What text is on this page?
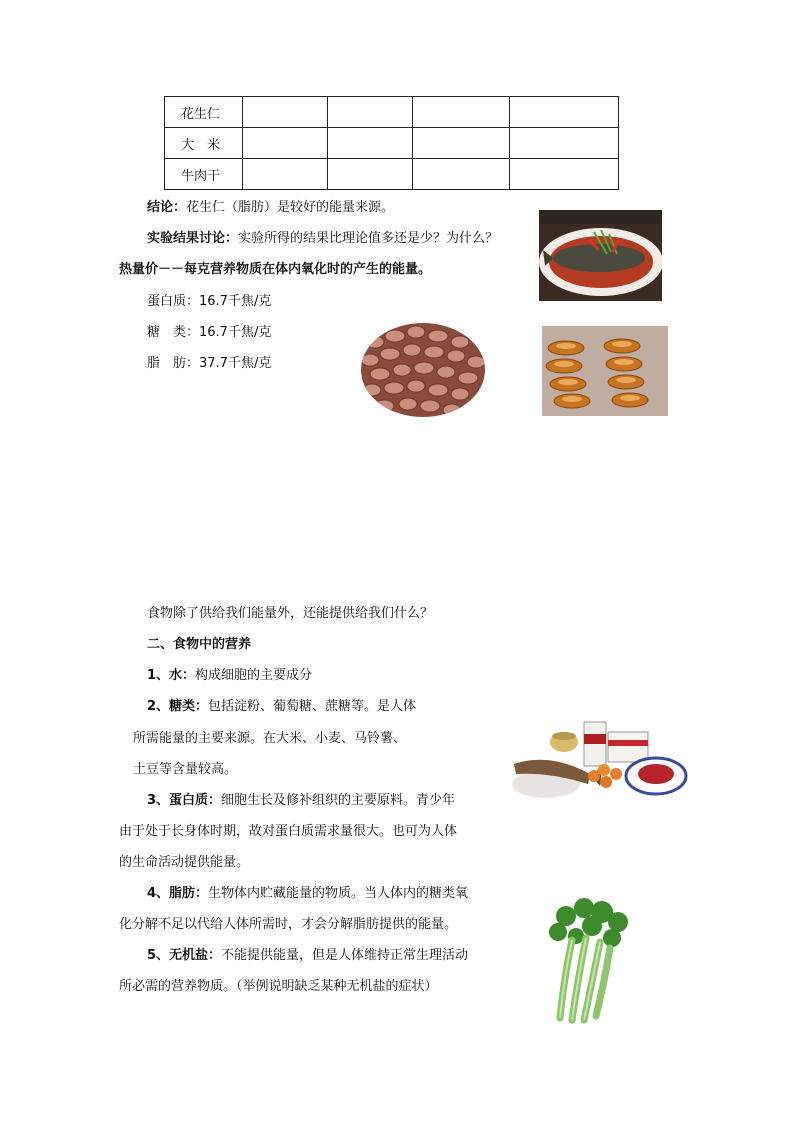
花生仁				
大　米				
牛肉干				
结论：花生仁（脂肪）是较好的能量来源。
实验结果讨论：实验所得的结果比理论值多还是少？为什么？
热量价－－每克营养物质在体内氧化时的产生的能量。
蛋白质：16.7千焦/克
糖　类：16.7千焦/克
脂　肪：37.7千焦/克
食物除了供给我们能量外，还能提供给我们什么？
二、食物中的营养
1、水：构成细胞的主要成分
2、糖类：包括淀粉、葡萄糖、蔗糖等。是人体
所需能量的主要来源。在大米、小麦、马铃薯、
土豆等含量较高。
3、蛋白质：细胞生长及修补组织的主要原料。青少年
由于处于长身体时期，故对蛋白质需求量很大。也可为人体
的生命活动提供能量。
4、脂肪：生物体内贮藏能量的物质。当人体内的糖类氧
化分解不足以代给人体所需时，才会分解脂肪提供的能量。
5、无机盐：不能提供能量，但是人体维持正常生理活动
所必需的营养物质。（举例说明缺乏某种无机盐的症状）
